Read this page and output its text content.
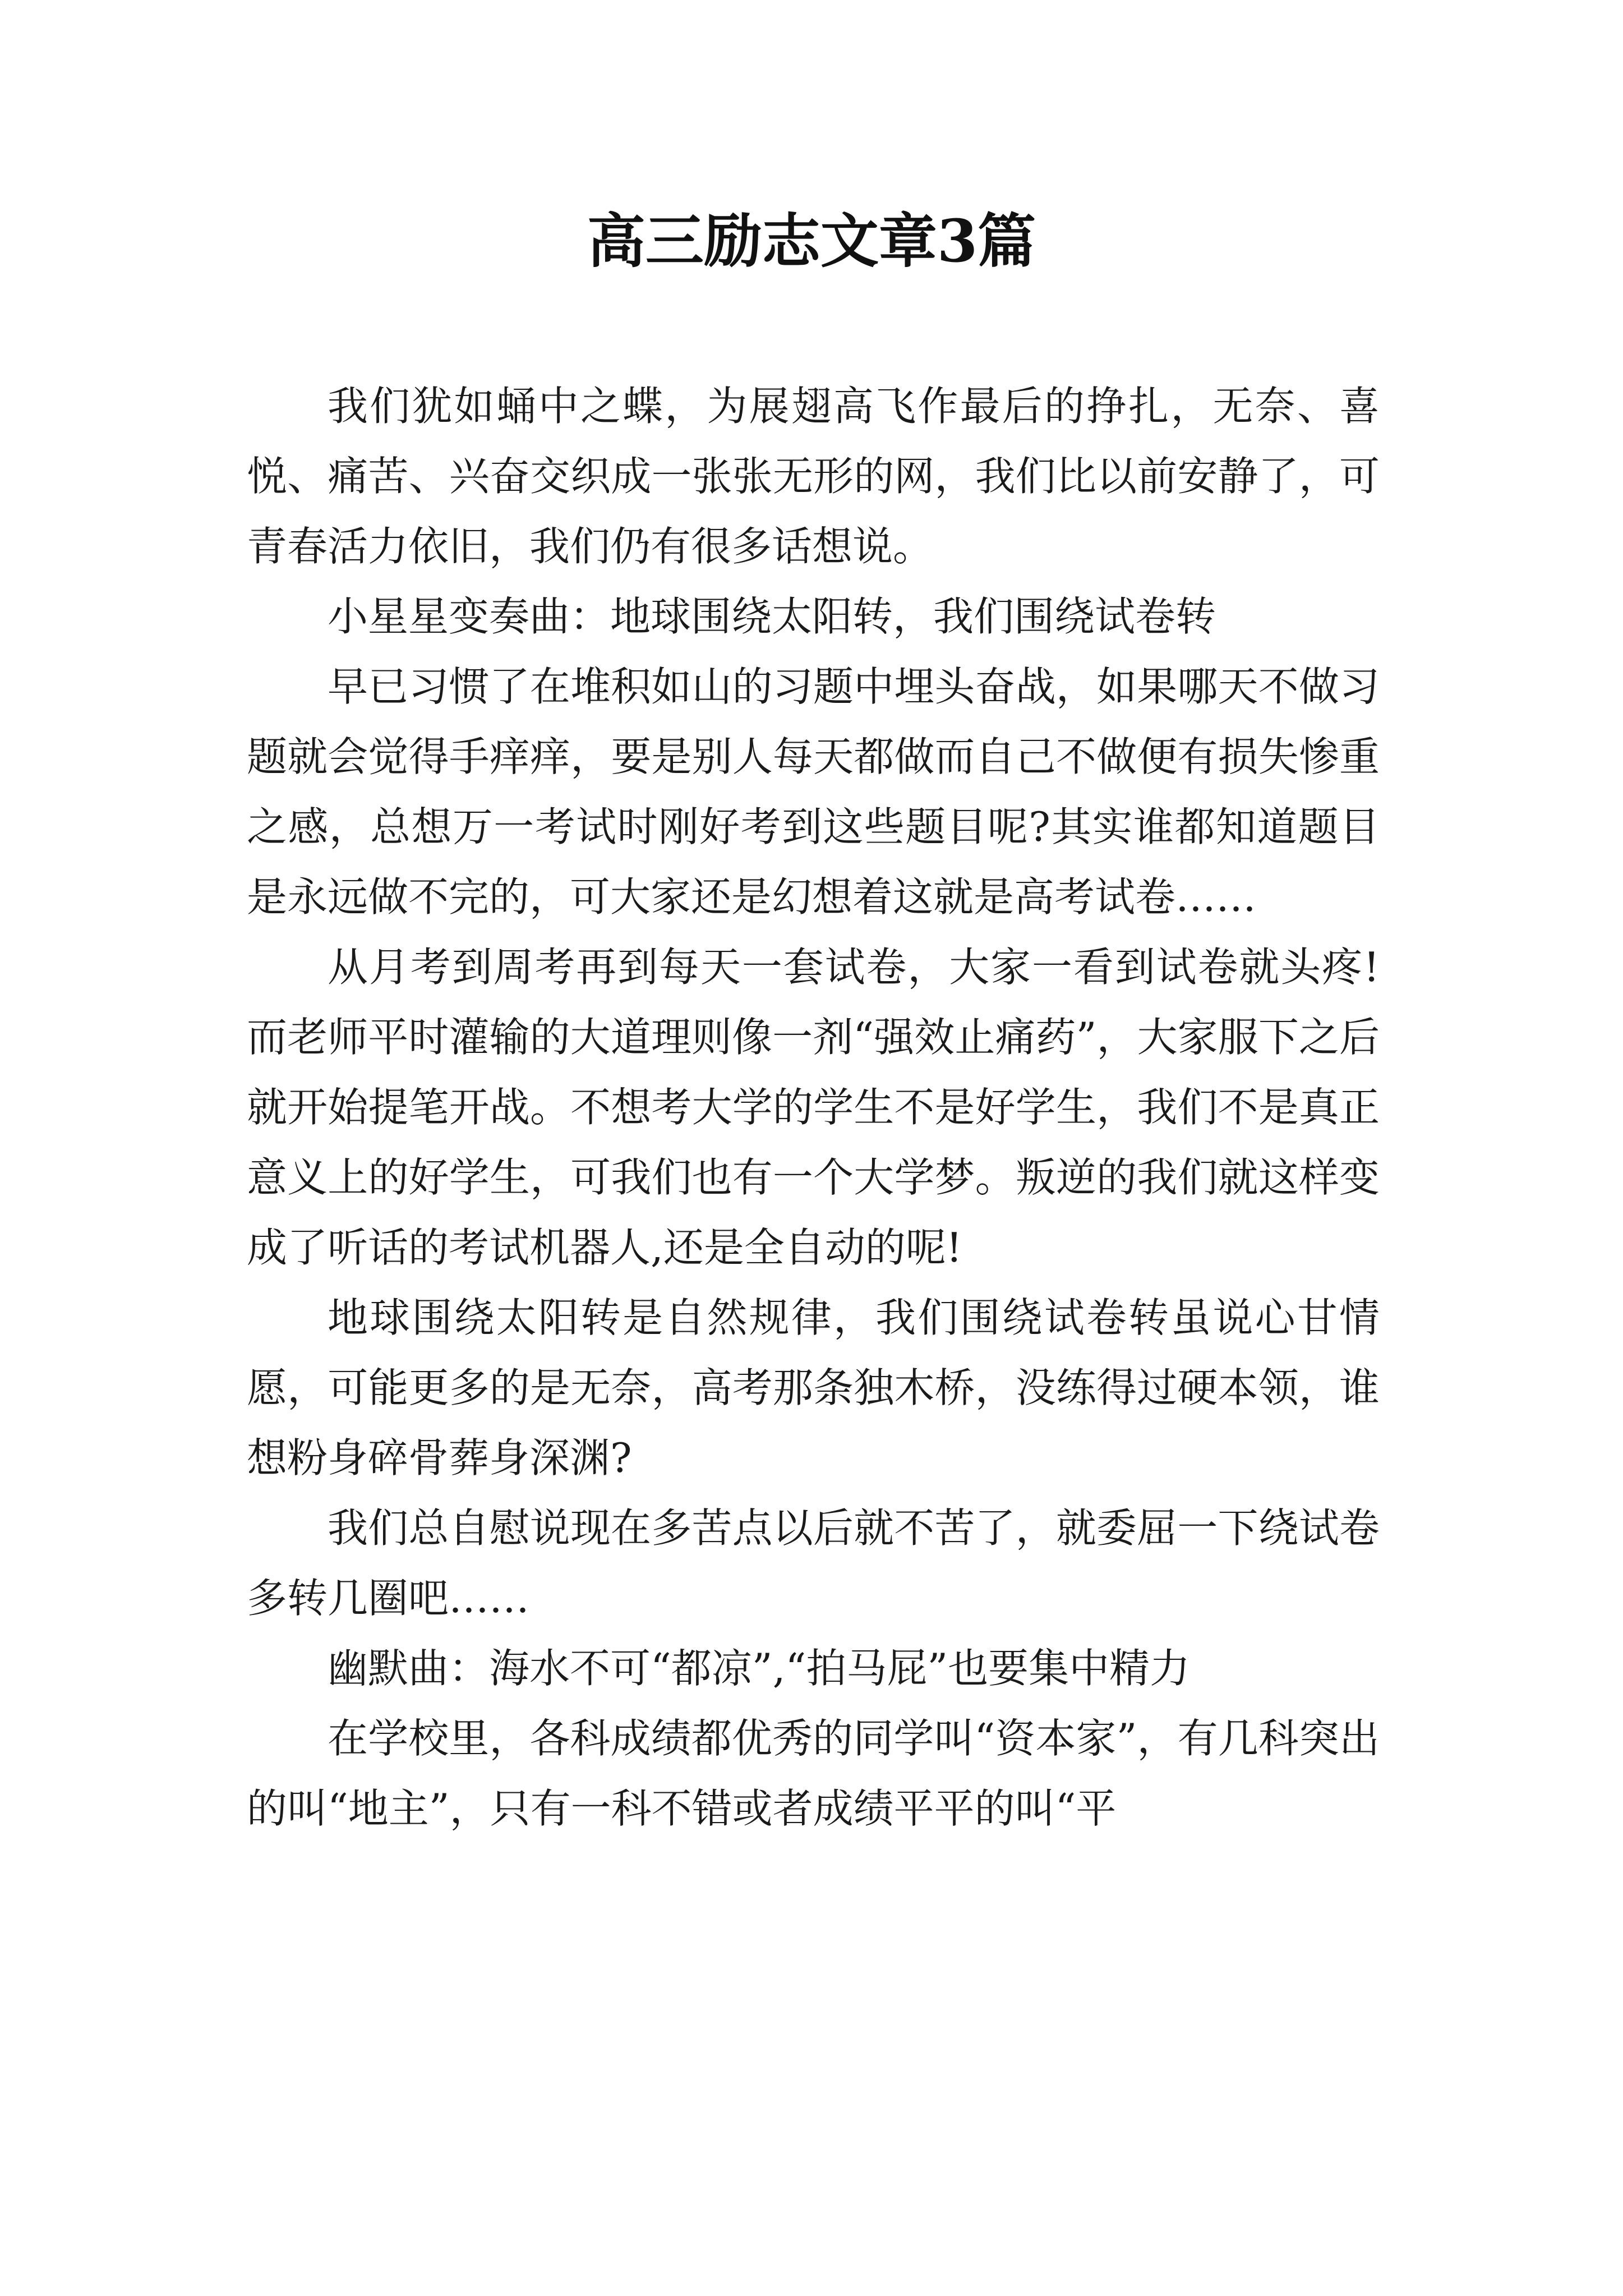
高三励志文章3篇

我们犹如蛹中之蝶，为展翅高飞作最后的挣扎，无奈、喜悦、痛苦、兴奋交织成一张张无形的网，我们比以前安静了，可青春活力依旧，我们仍有很多话想说。

小星星变奏曲：地球围绕太阳转，我们围绕试卷转

早已习惯了在堆积如山的习题中埋头奋战，如果哪天不做习题就会觉得手痒痒，要是别人每天都做而自己不做便有损失惨重之感，总想万一考试时刚好考到这些题目呢?其实谁都知道题目是永远做不完的，可大家还是幻想着这就是高考试卷……

从月考到周考再到每天一套试卷，大家一看到试卷就头疼!而老师平时灌输的大道理则像一剂“强效止痛药”，大家服下之后就开始提笔开战。不想考大学的学生不是好学生，我们不是真正意义上的好学生，可我们也有一个大学梦。叛逆的我们就这样变成了听话的考试机器人,还是全自动的呢!

地球围绕太阳转是自然规律，我们围绕试卷转虽说心甘情愿，可能更多的是无奈，高考那条独木桥，没练得过硬本领，谁想粉身碎骨葬身深渊?

我们总自慰说现在多苦点以后就不苦了，就委屈一下绕试卷多转几圈吧……

幽默曲：海水不可“都凉”,“拍马屁”也要集中精力

在学校里，各科成绩都优秀的同学叫“资本家”，有几科突出的叫“地主”，只有一科不错或者成绩平平的叫“平
